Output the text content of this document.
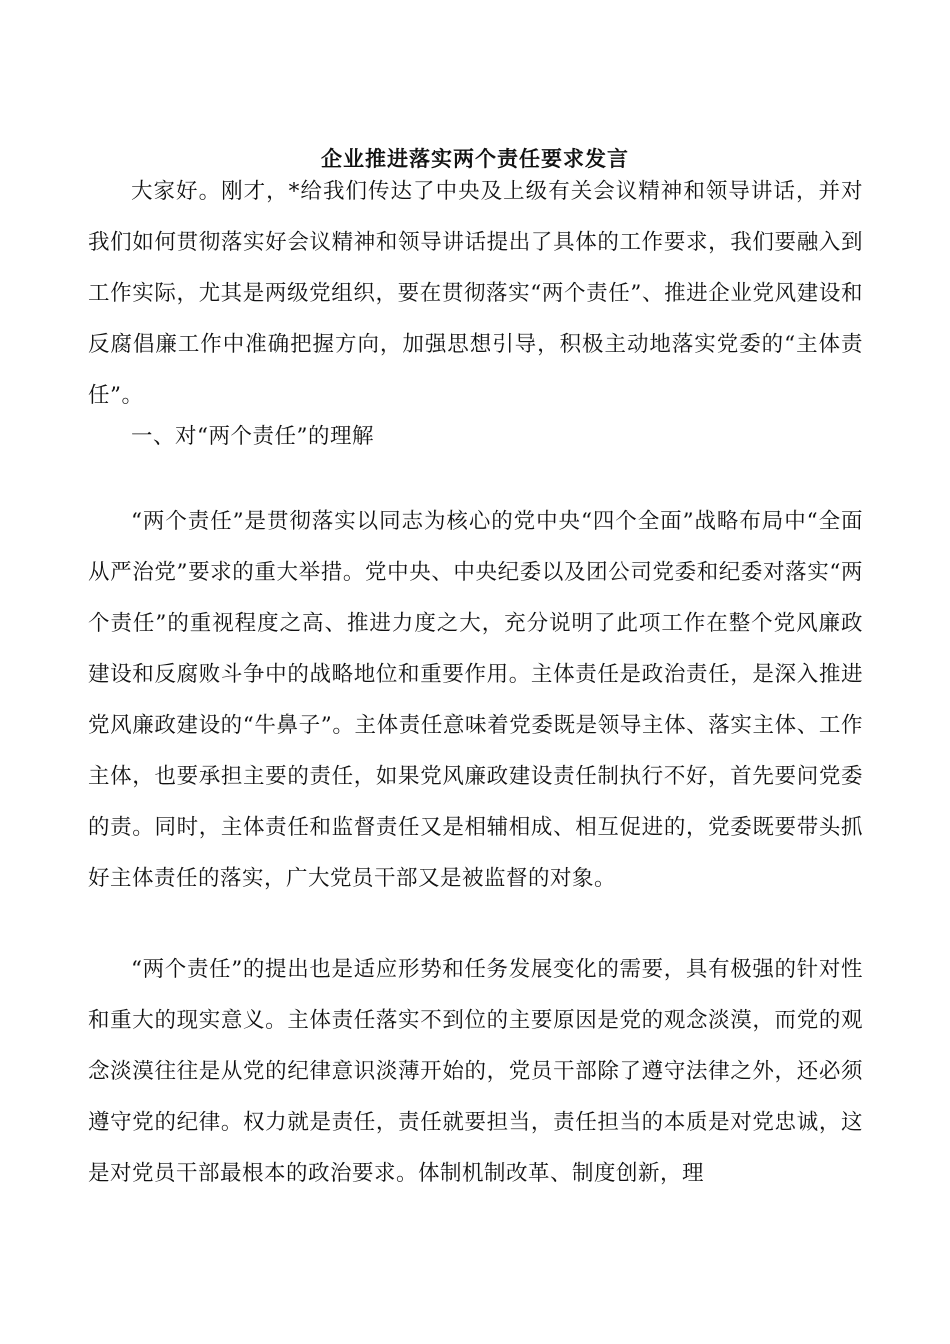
企业推进落实两个责任要求发言

大家好。刚才，*给我们传达了中央及上级有关会议精神和领导讲话，并对我们如何贯彻落实好会议精神和领导讲话提出了具体的工作要求，我们要融入到工作实际，尤其是两级党组织，要在贯彻落实“两个责任”、推进企业党风建设和反腐倡廉工作中准确把握方向，加强思想引导，积极主动地落实党委的“主体责任”。

一、对“两个责任”的理解

“两个责任”是贯彻落实以同志为核心的党中央“四个全面”战略布局中“全面从严治党”要求的重大举措。党中央、中央纪委以及团公司党委和纪委对落实“两个责任”的重视程度之高、推进力度之大，充分说明了此项工作在整个党风廉政建设和反腐败斗争中的战略地位和重要作用。主体责任是政治责任，是深入推进党风廉政建设的“牛鼻子”。主体责任意味着党委既是领导主体、落实主体、工作主体，也要承担主要的责任，如果党风廉政建设责任制执行不好，首先要问党委的责。同时，主体责任和监督责任又是相辅相成、相互促进的，党委既要带头抓好主体责任的落实，广大党员干部又是被监督的对象。

“两个责任”的提出也是适应形势和任务发展变化的需要，具有极强的针对性和重大的现实意义。主体责任落实不到位的主要原因是党的观念淡漠，而党的观念淡漠往往是从党的纪律意识淡薄开始的，党员干部除了遵守法律之外，还必须遵守党的纪律。权力就是责任，责任就要担当，责任担当的本质是对党忠诚，这是对党员干部最根本的政治要求。体制机制改革、制度创新，理
